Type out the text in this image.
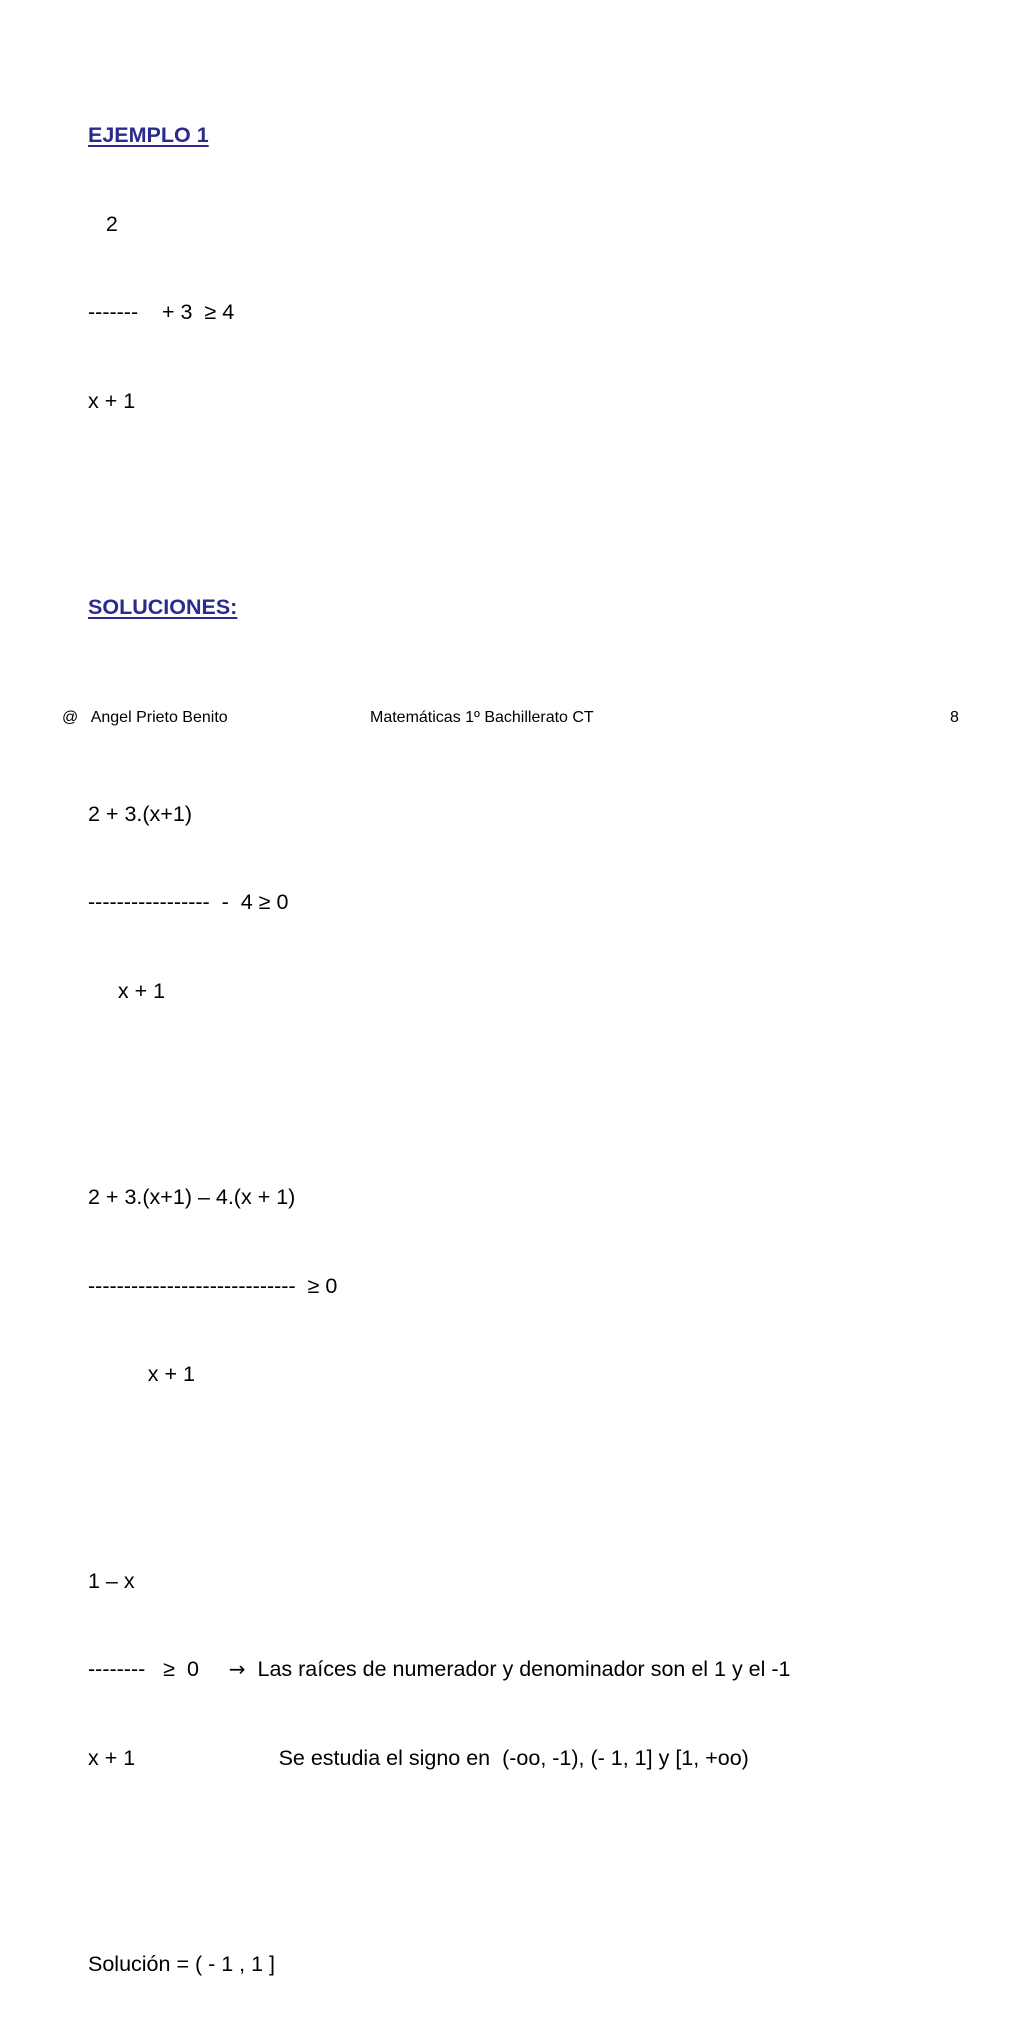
EJEMPLO 1

2

-------    + 3  ≥ 4

x + 1

SOLUCIONES:

2 + 3.(x+1)

-----------------  -  4 ≥ 0

x + 1

2 + 3.(x+1) – 4.(x + 1)

-----------------------------  ≥ 0

x + 1

1 – x

--------   ≥  0     →  Las raíces de numerador y denominador son el 1 y el -1

x + 1                        Se estudia el signo en  (-oo, -1), (- 1, 1] y [1, +oo)

Solución = ( - 1 , 1 ]

@   Angel Prieto Benito	Matemáticas 1º Bachillerato CT	8
